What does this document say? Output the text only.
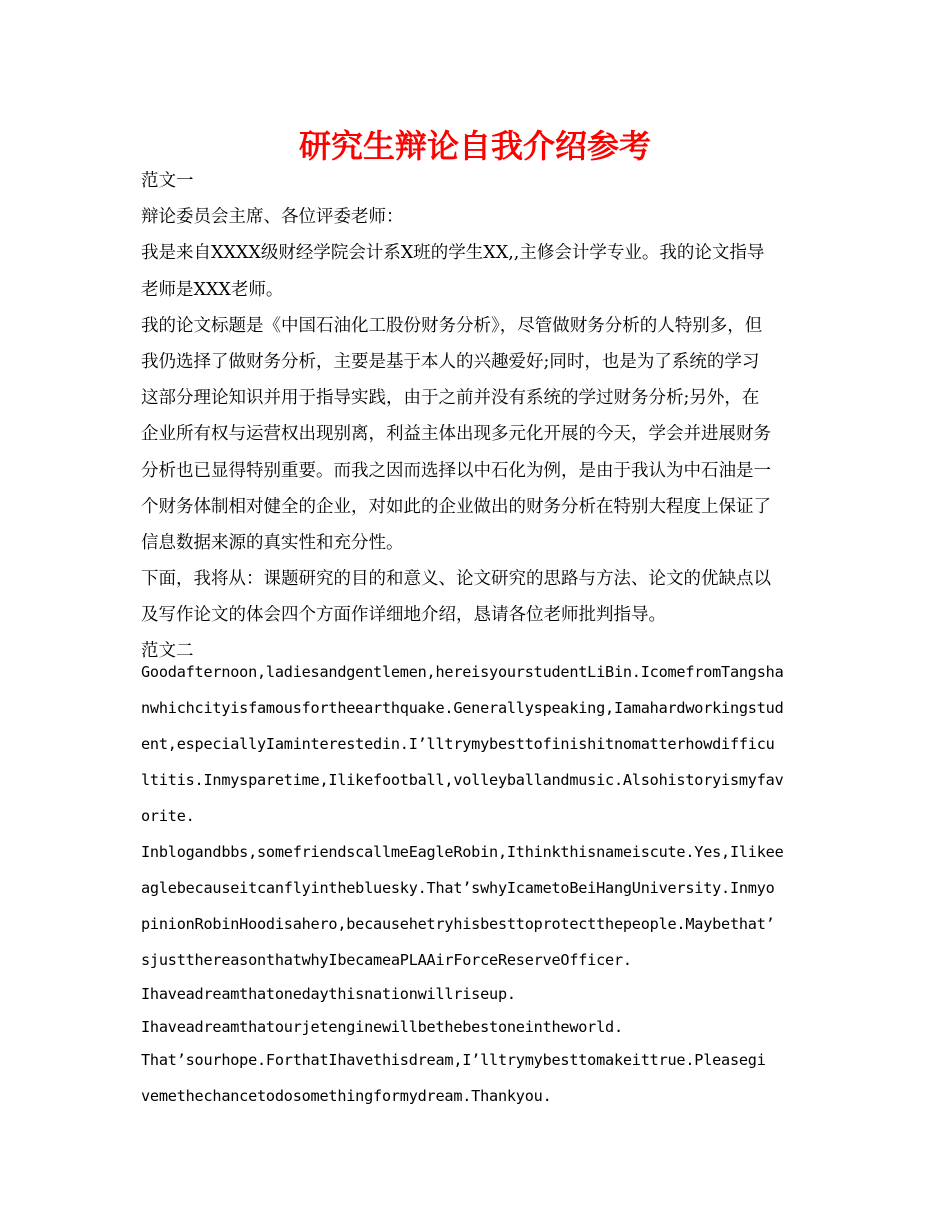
研究生辩论自我介绍参考

范文一

辩论委员会主席、各位评委老师：

我是来自XXXX级财经学院会计系X班的学生XX,,主修会计学专业。我的论文指导

老师是XXX老师。

我的论文标题是《中国石油化工股份财务分析》，尽管做财务分析的人特别多，但

我仍选择了做财务分析，主要是基于本人的兴趣爱好;同时，也是为了系统的学习

这部分理论知识并用于指导实践，由于之前并没有系统的学过财务分析;另外，在

企业所有权与运营权出现别离，利益主体出现多元化开展的今天，学会并进展财务

分析也已显得特别重要。而我之因而选择以中石化为例，是由于我认为中石油是一

个财务体制相对健全的企业，对如此的企业做出的财务分析在特别大程度上保证了

信息数据来源的真实性和充分性。

下面，我将从：课题研究的目的和意义、论文研究的思路与方法、论文的优缺点以

及写作论文的体会四个方面作详细地介绍，恳请各位老师批判指导。

范文二

Goodafternoon,ladiesandgentlemen,hereisyourstudentLiBin.IcomefromTangsha

nwhichcityisfamousfortheearthquake.Generallyspeaking,Iamahardworkingstud

ent,especiallyIaminterestedin.I’lltrymybesttofinishitnomatterhowdifficu

ltitis.Inmysparetime,Ilikefootball,volleyballandmusic.Alsohistoryismyfav

orite.

Inblogandbbs,somefriendscallmeEagleRobin,Ithinkthisnameiscute.Yes,Ilikee

aglebecauseitcanflyinthebluesky.That’swhyIcametoBeiHangUniversity.Inmyo

pinionRobinHoodisahero,becausehetryhisbesttoprotectthepeople.Maybethat’

sjustthereasonthatwhyIbecameaPLAAirForceReserveOfficer.

Ihaveadreamthatonedaythisnationwillriseup.

Ihaveadreamthatourjetenginewillbethebestoneintheworld.

That’sourhope.ForthatIhavethisdream,I’lltrymybesttomakeittrue.Pleasegi

vemethechancetodosomethingformydream.Thankyou.
